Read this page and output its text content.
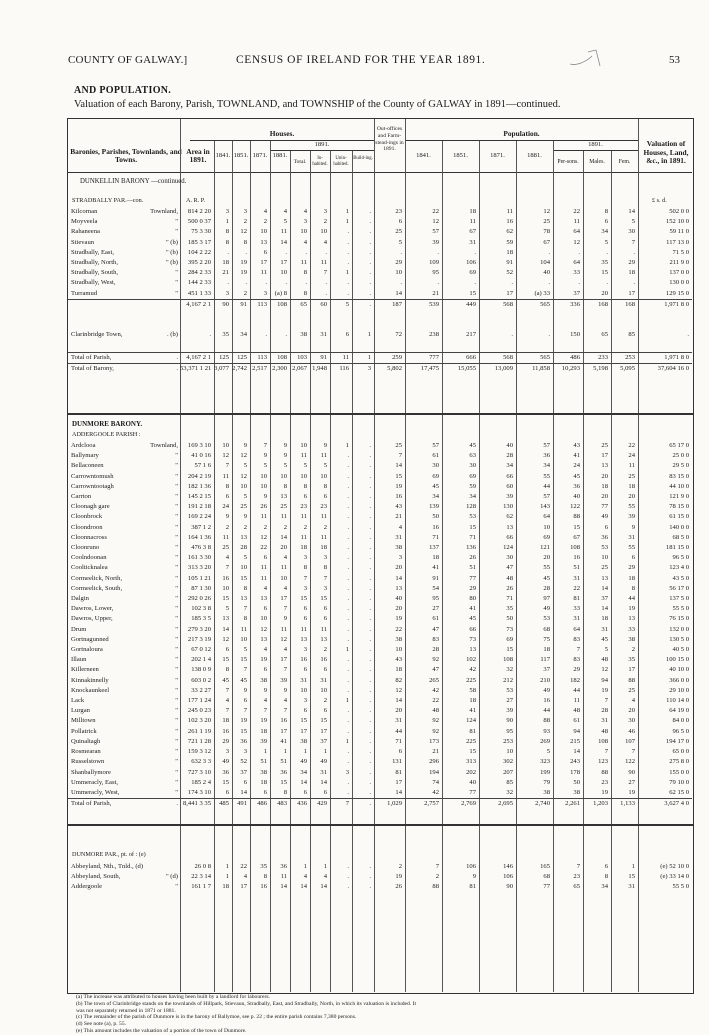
COUNTY OF GALWAY.]	CENSUS OF IRELAND FOR THE YEAR 1891.	53
AND POPULATION.
Valuation of each Barony, Parish, TOWNLAND, and TOWNSHIP of the County of GALWAY in 1891—continued.
Baronies, Parishes, Townlands, and Towns.
Area in 1891.
Houses.
1891.
1841. 1851. 1871. 1881.
Total.
In-habited.
Unin-habited.
Build-ing.
Out-offices and Farm-stead-ings in 1891.
Population.
1891.
1841.	1851.	1871.	1881.
Per-sons.	Males.	Fem.
Valuation of Houses, Land, &c., in 1891.
DUNKELLIN BARONY —continued.
STRADBALLY PAR.—con.	A. R. P.	£ s. d.
Kilcornan Townland,	814 2 20	3	3	4	4	4	3	1	.	23	22	18	11	12	22	8	14	502 0 0
Moyveela "	500 0 37	1	2	2	5	3	2	1	.	6	12	11	16	25	11	6	5	152 10 0
Rahaneena "	75 3 30	8	12	10	11	10	10	.	.	25	57	67	62	78	64	34	30	59 11 0
Stievaun " (b)	185 3 17	8	8	13	14	4	4	.	.	5	39	31	59	67	12	5	7	117 13 0
Stradbally, East, " (b)	104 2 22	.	.	6	.	.	.	.	.	.	.	.	18	.	.	.	.	71 5 0
Stradbally, North, " (b)	395 2 20	18	19	17	17	11	11	.	.	29	109	106	91	104	64	35	29	211 9 0
Stradbally, South, "	284 2 33	21	19	11	10	8	7	1	.	10	95	69	52	40	33	15	18	137 0 0
Stradbally, West, "	144 2 33	.	.	.	.	.	.	.	.	.	.	.	.	.	.	.	.	130 0 0
Turramud "	451 1 33	3	2	3	(a) 8	8	.	.	.	14	21	15	17	(a) 33	37	20	17	129 15 0

	4,167 2 1	90	91	113	108	65	60	5	.	187	539	449	568	565	336	168	168	1,971 8 0
Clarinbridge Town, . (b)	.	35	34	.	.	38	31	6	1	72	238	217	.	.	150	65	85	.

Total of Parish, .	4,167 2 1	125	125	113	108	103	91	11	1	259	777	666	568	565	486	233	253	1,971 8 0
Total of Barony, .	53,371 1 21	3,077	2,742	2,517	2,300	2,067	1,948	116	3	5,802	17,475	15,055	13,009	11,858	10,293	5,198	5,095	37,604 16 0
DUNMORE BARONY.
ADDERGOOLE PARISH :
Ardclooa Townland,	169 3 10	10	9	7	9	10	9	1	.	25	57	45	40	57	43	25	22	65 17 0
Ballymary "	41 0 16	12	12	9	9	11	11	.	.	7	61	63	28	36	41	17	24	25 0 0
Bellaconeen "	57 1 6	7	5	5	5	5	5	.	.	14	30	30	34	34	24	13	11	29 5 0
Carrowntomush "	204 2 19	11	12	10	10	10	10	.	.	15	69	69	66	55	45	20	25	83 15 0
Carrowntootagh "	182 1 36	8	10	10	8	8	8	.	.	19	45	59	60	44	36	18	18	44 10 0
Carrton "	145 2 15	6	5	9	13	6	6	.	.	16	34	34	39	57	40	20	20	121 9 0
Cloonagh gare "	191 2 18	24	25	26	25	23	23	.	.	43	139	128	130	143	122	77	55	78 15 0
Cloonbrock "	169 2 24	9	9	11	11	11	11	.	.	21	50	53	62	64	88	49	39	61 15 0
Cloondroon "	387 1 2	2	2	2	2	2	2	.	.	4	16	15	13	10	15	6	9	140 0 0
Cloonnacross "	164 1 36	11	13	12	14	11	11	.	.	31	71	71	66	69	67	36	31	68 5 0
Cloonruno "	476 3 8	25	28	22	20	18	18	.	.	38	137	136	124	121	108	53	55	181 15 0
Coolndoonan "	161 3 30	4	5	6	4	3	3	.	.	3	18	26	30	20	16	10	6	96 5 0
Coolticknalea "	313 3 20	7	10	11	11	8	8	.	.	20	41	51	47	55	51	25	29	123 4 0
Cormeelick, North, "	105 1 21	16	15	11	10	7	7	.	.	14	91	77	48	45	31	13	18	43 5 0
Cormeelick, South, "	87 1 30	10	8	4	4	3	3	.	.	13	54	29	26	28	22	14	8	56 17 0
Dalgin "	292 0 26	15	13	13	17	15	15	.	.	40	95	80	71	97	81	37	44	137 5 0
Dawros, Lower, "	102 3 8	5	7	6	7	6	6	.	.	20	27	41	35	49	33	14	19	55 5 0
Dawros, Upper, "	185 3 5	13	8	10	9	6	6	.	.	19	61	45	50	53	31	18	13	76 15 0
Drum "	279 3 20	14	11	12	11	11	11	.	.	22	47	66	73	68	64	31	33	132 0 0
Gortnagunned "	217 3 19	12	10	13	12	13	13	.	.	38	83	73	69	75	83	45	38	130 5 0
Gortnaloura "	67 0 12	6	5	4	4	3	2	1	.	10	28	13	15	18	7	5	2	40 5 0
Illaun "	202 1 4	15	15	19	17	16	16	.	.	43	92	102	108	117	83	48	35	100 15 0
Killerneen "	138 0 9	8	7	6	7	6	6	.	.	18	47	42	32	37	29	12	17	40 10 0
Kinnakinnelly "	603 0 2	45	45	38	39	31	31	.	.	82	265	225	212	210	182	94	88	366 0 0
Knockaunkeel "	33 2 27	7	9	9	9	10	10	.	.	12	42	58	53	49	44	19	25	29 10 0
Lack "	177 1 24	4	6	4	4	3	2	1	.	14	22	18	27	16	11	7	4	110 14 0
Lurgan "	245 0 23	7	7	7	7	6	6	.	.	20	48	41	39	44	48	28	20	64 19 0
Milltown "	102 3 20	18	19	19	16	15	15	.	.	31	92	124	90	88	61	31	30	84 0 0
Pollatrick "	261 1 19	16	15	18	17	17	17	.	.	44	92	81	95	93	94	48	46	96 5 0
Quinaltagh "	721 1 28	29	36	39	41	38	37	1	.	71	173	225	253	269	215	108	107	194 17 0
Rosmearan "	159 3 12	3	3	1	1	1	1	.	.	6	21	15	10	5	14	7	7	65 0 0
Russelstown "	632 3 3	49	52	51	51	49	49	.	.	131	296	313	302	323	243	123	122	275 8 0
Shanballymore "	727 3 10	36	37	38	36	34	31	3	.	81	194	202	207	199	178	88	90	155 0 0
Ummeracly, East, "	185 2 4	15	6	18	15	14	14	.	.	17	74	40	85	79	50	23	27	79 10 0
Ummeracly, West, "	174 3 10	6	14	6	8	6	6	.	.	14	42	77	32	38	38	19	19	62 15 0
Total of Parish, .	8,441 3 35	485	491	486	483	436	429	7	.	1,029	2,757	2,769	2,695	2,740	2,261	1,203	1,133	3,627 4 0
DUNMORE PAR., pt. of : (e)
Abbeyland, Nth., Tnld., (d)	26 0 8	1	22	35	36	1	1	.	.	2	7	106	146	165	7	6	1	(e) 52 10 0
Abbeyland, South, " (d)	22 3 14	1	4	8	11	4	4	.	.	19	2	9	106	68	23	8	15	(e) 33 14 0
Addergoole "	161 1 7	18	17	16	14	14	14	.	.	26	88	81	90	77	65	34	31	55 5 0
(a) The increase was attributed to houses having been built by a landlord for labourers.
(b) The town of Clarinbridge stands on the townlands of Hillpark, Stievaun, Stradbally, East, and Stradbally, North, in which its valuation is included. It
was not separately returned in 1871 or 1881.
(c) The remainder of the parish of Dunmore is in the barony of Ballymoe, see p. 22 ; the entire parish contains 7,380 persons.
(d) See note (a), p. 55.
(e) This amount includes the valuation of a portion of the town of Dunmore.
